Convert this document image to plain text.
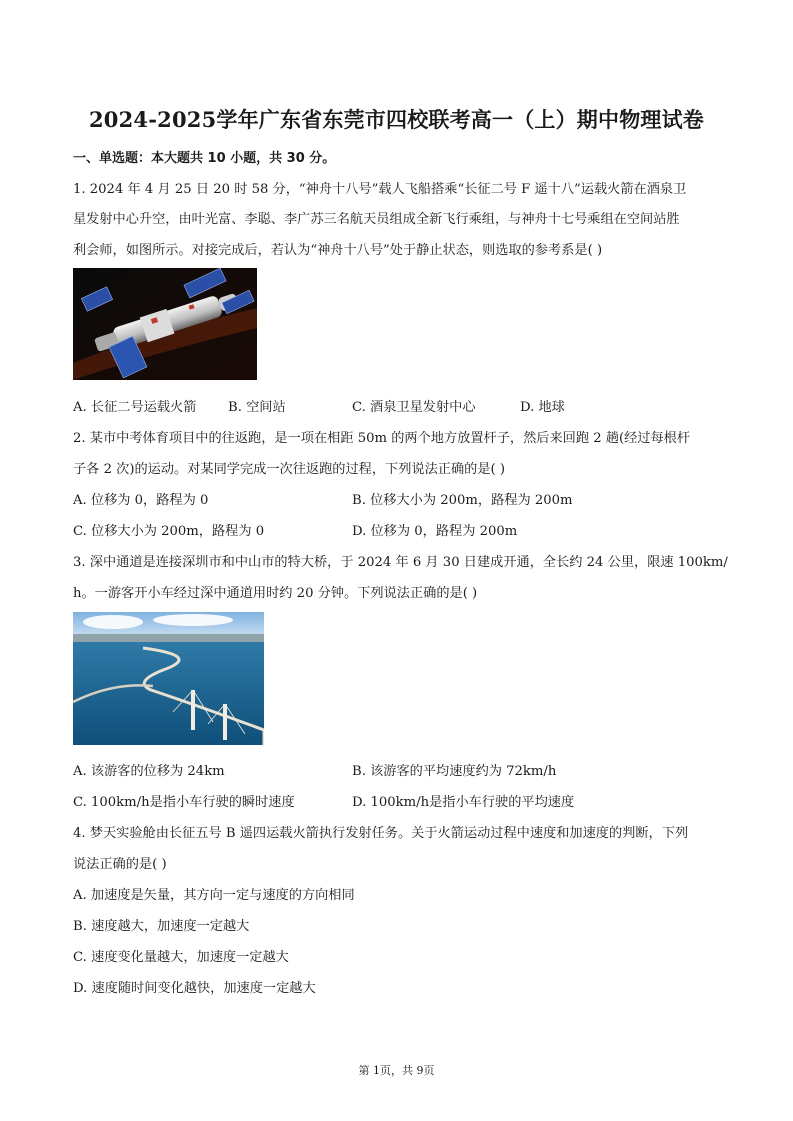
2024-2025学年广东省东莞市四校联考高一（上）期中物理试卷
一、单选题：本大题共 10 小题，共 30 分。
1. 2024 年 4 月 25 日 20 时 58 分，“神舟十八号”载人飞船搭乘“长征二号 F 遥十八”运载火箭在酒泉卫
星发射中心升空，由叶光富、李聪、李广苏三名航天员组成全新飞行乘组，与神舟十七号乘组在空间站胜
利会师，如图所示。对接完成后，若认为“神舟十八号”处于静止状态，则选取的参考系是( )
A. 长征二号运载火箭 B. 空间站	C. 酒泉卫星发射中心	D. 地球
2. 某市中考体育项目中的往返跑，是一项在相距 50m 的两个地方放置杆子，然后来回跑 2 趟(经过每根杆
子各 2 次)的运动。对某同学完成一次往返跑的过程，下列说法正确的是( )
A. 位移为 0，路程为 0	B. 位移大小为 200m，路程为 200m
C. 位移大小为 200m，路程为 0	D. 位移为 0，路程为 200m
3. 深中通道是连接深圳市和中山市的特大桥，于 2024 年 6 月 30 日建成开通，全长约 24 公里，限速 100km/
h。一游客开小车经过深中通道用时约 20 分钟。下列说法正确的是( )
A. 该游客的位移为 24km	B. 该游客的平均速度约为 72km/h
C. 100km/h是指小车行驶的瞬时速度	D. 100km/h是指小车行驶的平均速度
4. 梦天实验舱由长征五号 B 遥四运载火箭执行发射任务。关于火箭运动过程中速度和加速度的判断，下列
说法正确的是( )
A. 加速度是矢量，其方向一定与速度的方向相同
B. 速度越大，加速度一定越大
C. 速度变化量越大，加速度一定越大
D. 速度随时间变化越快，加速度一定越大
第 1页，共 9页
